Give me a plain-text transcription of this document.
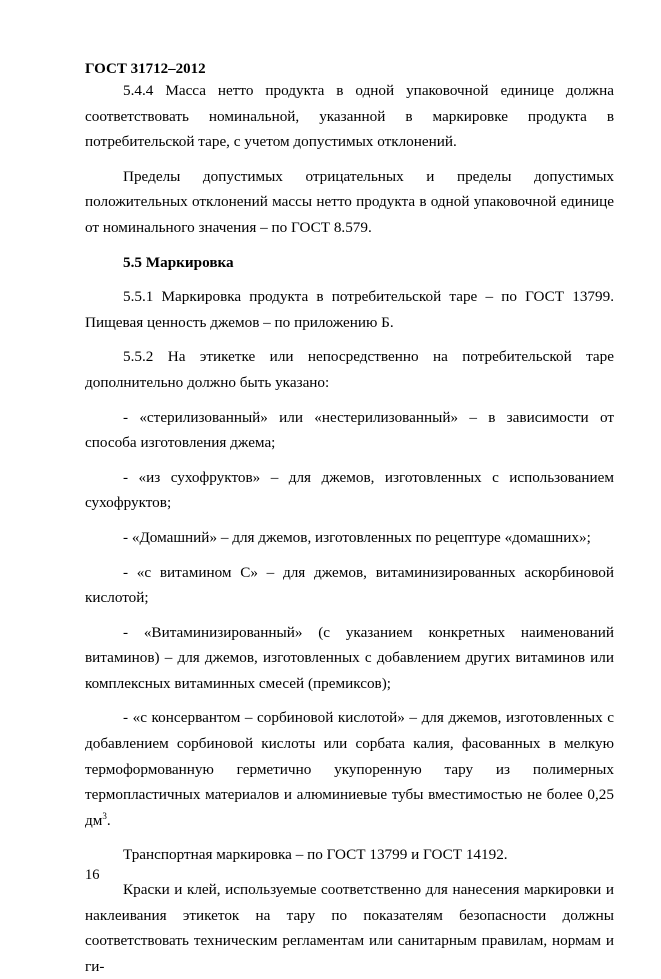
ГОСТ 31712–2012

5.4.4 Масса нетто продукта в одной упаковочной единице должна соответствовать номинальной, указанной в маркировке продукта в потребительской таре, с учетом допустимых отклонений.

Пределы допустимых отрицательных и пределы допустимых положительных отклонений массы нетто продукта в одной упаковочной единице от номинального значения – по ГОСТ 8.579.

5.5 Маркировка

5.5.1 Маркировка продукта в потребительской таре – по ГОСТ 13799. Пищевая ценность джемов – по приложению Б.

5.5.2 На этикетке или непосредственно на потребительской таре дополнительно должно быть указано:

- «стерилизованный» или «нестерилизованный» – в зависимости от способа изготовления джема;

- «из сухофруктов» – для джемов, изготовленных с использованием сухофруктов;

- «Домашний» – для джемов, изготовленных по рецептуре «домашних»;

- «с витамином С» – для джемов, витаминизированных аскорбиновой кислотой;

- «Витаминизированный» (с указанием конкретных наименований витаминов) – для джемов, изготовленных с добавлением других витаминов или комплексных витаминных смесей (премиксов);

- «с консервантом – сорбиновой кислотой» – для джемов, изготовленных с добавлением сорбиновой кислоты или сорбата калия, фасованных в мелкую термоформованную герметично укупоренную тару из полимерных термопластичных материалов и алюминиевые тубы вместимостью не более 0,25 $дм^3$.

Транспортная маркировка – по ГОСТ 13799 и ГОСТ 14192.

Краски и клей, используемые соответственно для нанесения маркировки и наклеивания этикеток на тару по показателям безопасности должны соответствовать техническим регламентам или санитарным правилам, нормам и ги-

16
